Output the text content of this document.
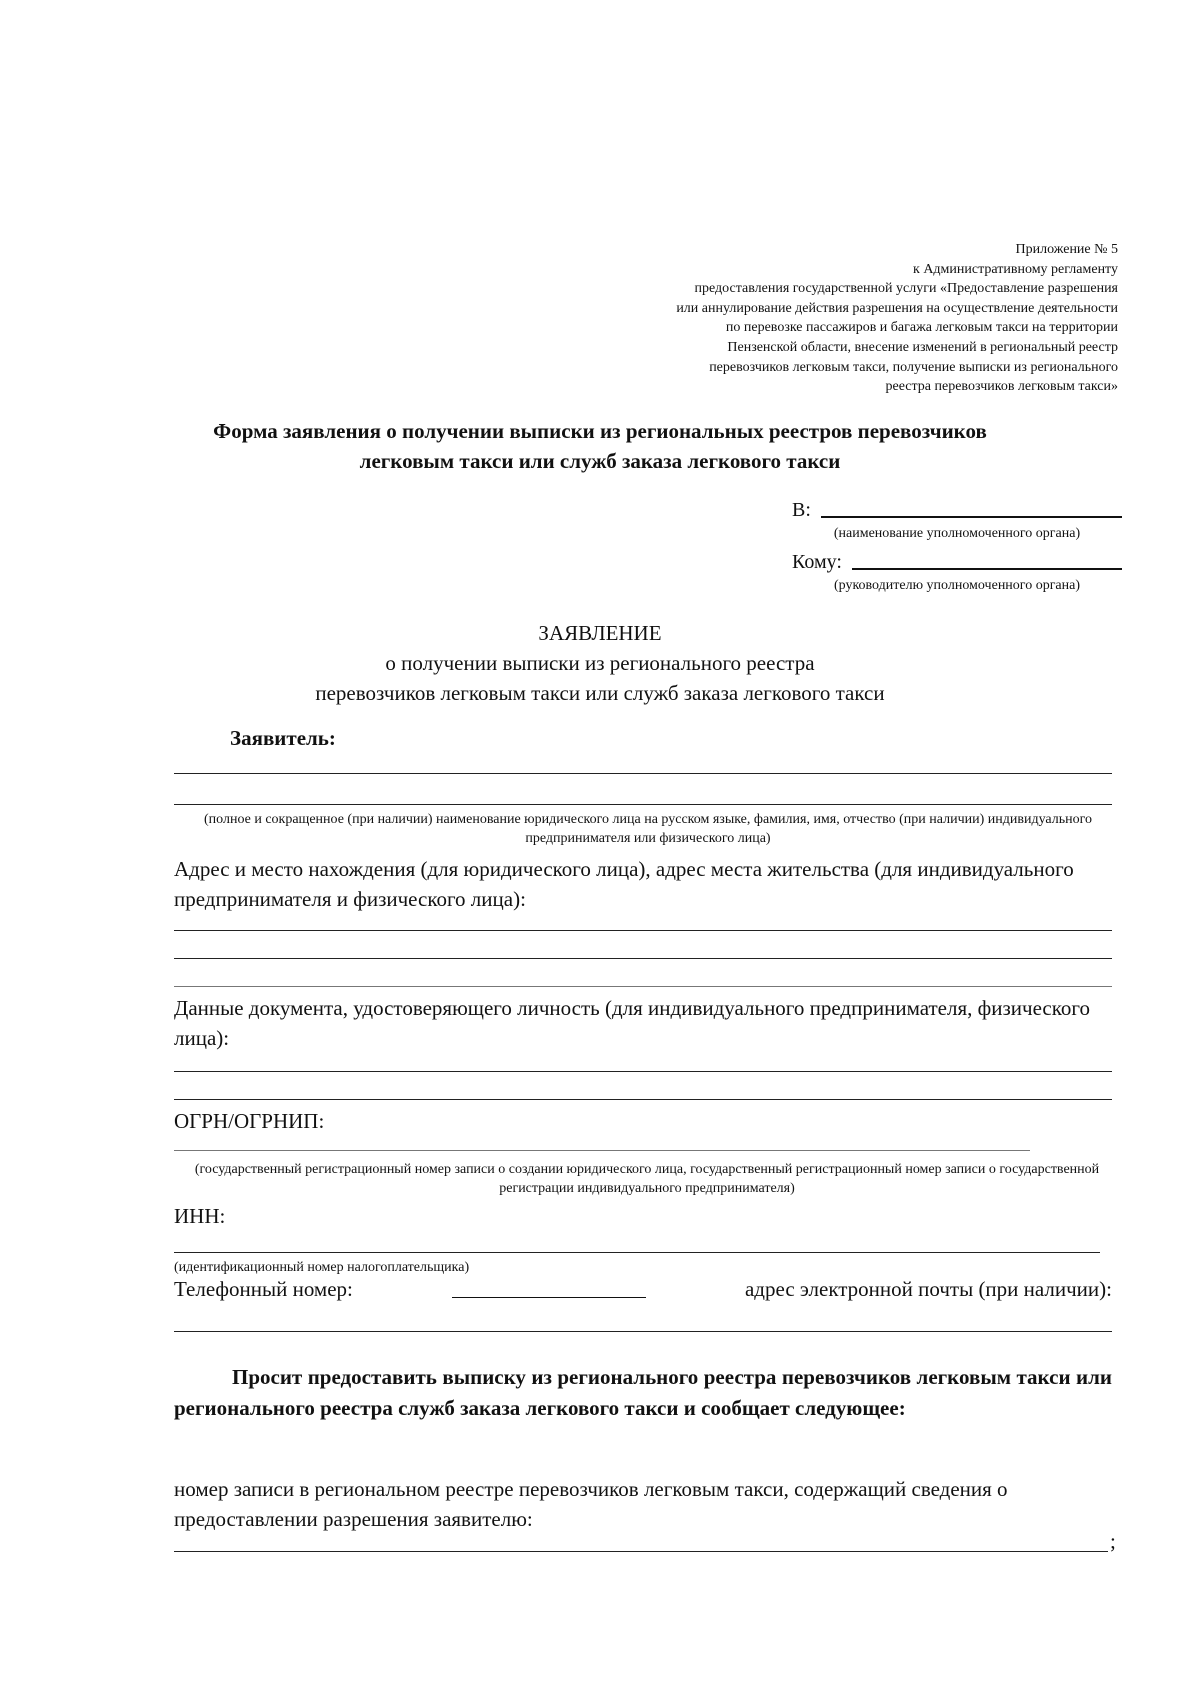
Приложение № 5
к Административному регламенту
предоставления государственной услуги «Предоставление разрешения
или аннулирование действия разрешения на осуществление деятельности
по перевозке пассажиров и багажа легковым такси на территории
Пензенской области, внесение изменений в региональный реестр
перевозчиков легковым такси, получение выписки из регионального
реестра перевозчиков легковым такси»
Форма заявления о получении выписки из региональных реестров перевозчиков
легковым такси или служб заказа легкового такси
В:
(наименование уполномоченного органа)
Кому:
(руководителю уполномоченного органа)
ЗАЯВЛЕНИЕ
о получении выписки из регионального реестра
перевозчиков легковым такси или служб заказа легкового такси
Заявитель:
(полное и сокращенное (при наличии) наименование юридического лица на русском языке, фамилия, имя, отчество (при наличии) индивидуального предпринимателя или физического лица)
Адрес и место нахождения (для юридического лица), адрес места жительства (для индивидуального предпринимателя и физического лица):
Данные документа, удостоверяющего личность (для индивидуального предпринимателя, физического лица):
ОГРН/ОГРНИП:
(государственный регистрационный номер записи о создании юридического лица, государственный регистрационный номер записи о государственной регистрации индивидуального предпринимателя)
ИНН:
(идентификационный номер налогоплательщика)
Телефонный номер:	адрес электронной почты (при наличии):
Просит предоставить выписку из регионального реестра перевозчиков легковым такси или регионального реестра служб заказа легкового такси и сообщает следующее:
номер записи в региональном реестре перевозчиков легковым такси, содержащий сведения о предоставлении разрешения заявителю:
;
